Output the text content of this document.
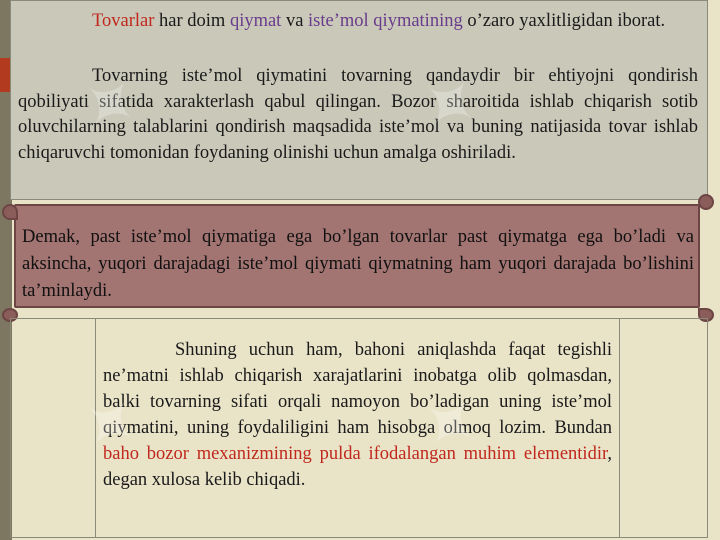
Tovarlar har doim qiymat va iste’mol qiymatining o’zaro yaxlitligidan iborat.

Tovarning iste’mol qiymatini tovarning qandaydir bir ehtiyojni qondirish qobiliyati sifatida xarakterlash qabul qilingan. Bozor sharoitida ishlab chiqarish sotib oluvchilarning talablarini qondirish maqsadida iste’mol va buning natijasida tovar ishlab chiqaruvchi tomonidan foydaning olinishi uchun amalga oshiriladi.

Demak, past iste’mol qiymatiga ega bo’lgan tovarlar past qiymatga ega bo’ladi va aksincha, yuqori darajadagi iste’mol qiymati qiymatning ham yuqori darajada bo’lishini ta’minlaydi.

Shuning uchun ham, bahoni aniqlashda faqat tegishli ne’matni ishlab chiqarish xarajatlarini inobatga olib qolmasdan, balki tovarning sifati orqali namoyon bo’ladigan uning iste’mol qiymatini, uning foydaliligini ham hisobga olmoq lozim. Bundan baho bozor mexanizmining pulda ifodalangan muhim elementidir, degan xulosa kelib chiqadi.

✦	✦
✦	✦
